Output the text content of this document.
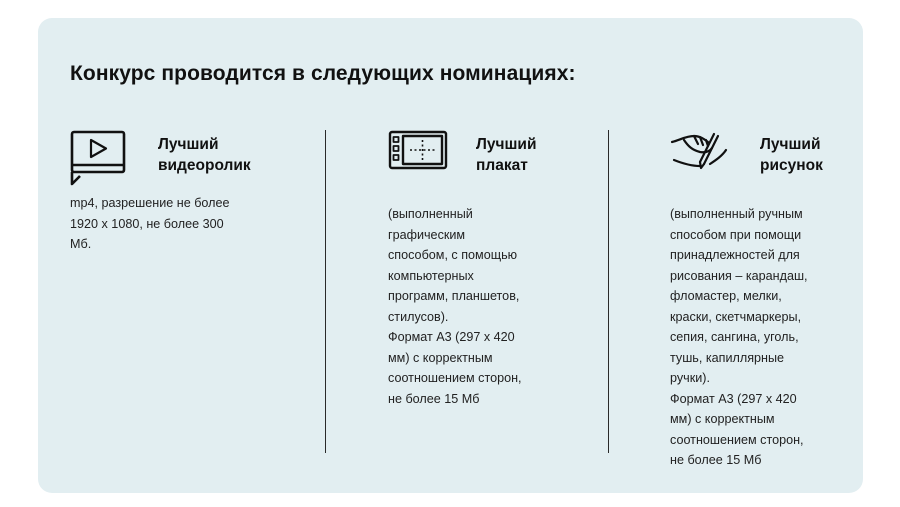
Конкурс проводится в следующих номинациях:
Лучший
видеоролик

mp4, разрешение не более

1920 х 1080, не более 300

Мб.

Лучший
плакат

(выполненный

графическим

способом, с помощью

компьютерных

программ, планшетов,

стилусов).

Формат А3 (297 х 420

мм) с корректным

соотношением сторон,

не более 15 Мб

Лучший
рисунок

(выполненный ручным

способом при помощи

принадлежностей для

рисования – карандаш,

фломастер, мелки,

краски, скетчмаркеры,

сепия, сангина, уголь,

тушь, капиллярные

ручки).

Формат А3 (297 х 420

мм) с корректным

соотношением сторон,

не более 15 Мб
